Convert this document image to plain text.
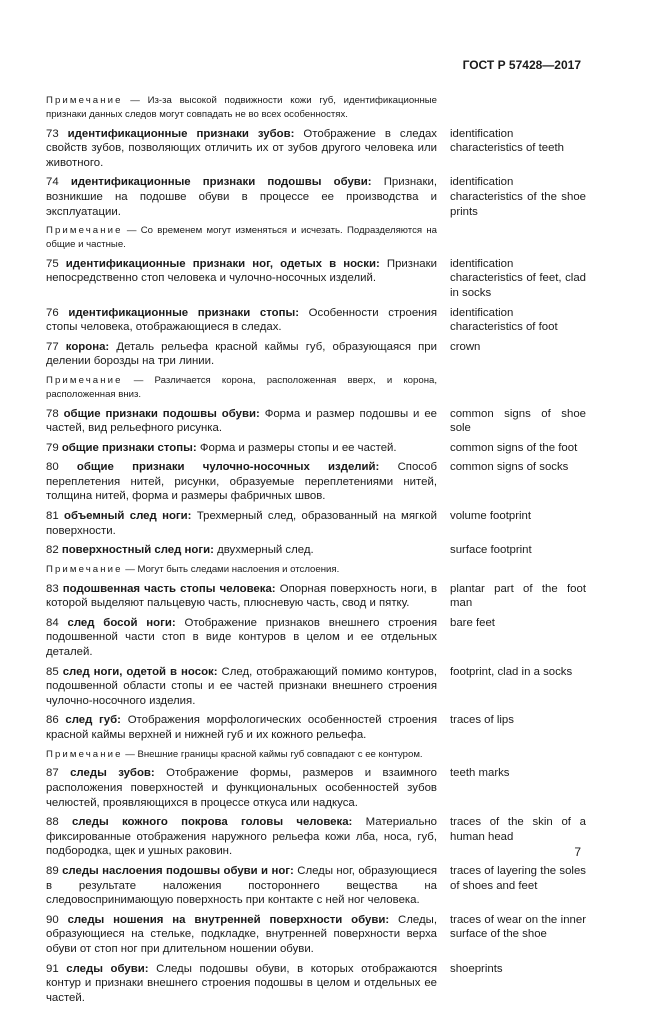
ГОСТ Р 57428—2017
Примечание — Из-за высокой подвижности кожи губ, идентификационные признаки данных следов могут совпадать не во всех особенностях.
73 идентификационные признаки зубов: Отображение в следах свойств зубов, позволяющих отличить их от зубов другого человека или животного.
identification characteristics of teeth
74 идентификационные признаки подошвы обуви: Признаки, возникшие на подошве обуви в процессе ее производства и эксплуатации.
identification characteristics of the shoe prints
Примечание — Со временем могут изменяться и исчезать. Подразделяются на общие и частные.
75 идентификационные признаки ног, одетых в носки: Признаки непосредственно стоп человека и чулочно-носочных изделий.
identification characteristics of feet, clad in socks
76 идентификационные признаки стопы: Особенности строения стопы человека, отображающиеся в следах.
identification characteristics of foot
77 корона: Деталь рельефа красной каймы губ, образующаяся при делении борозды на три линии.
crown
Примечание — Различается корона, расположенная вверх, и корона, расположенная вниз.
78 общие признаки подошвы обуви: Форма и размер подошвы и ее частей, вид рельефного рисунка.
common signs of shoe sole
79 общие признаки стопы: Форма и размеры стопы и ее частей.	common signs of the foot
80 общие признаки чулочно-носочных изделий: Способ переплетения нитей, рисунки, образуемые переплетениями нитей, толщина нитей, форма и размеры фабричных швов.
common signs of socks
81 объемный след ноги: Трехмерный след, образованный на мягкой поверхности.
volume footprint
82 поверхностный след ноги: двухмерный след.	surface footprint
Примечание — Могут быть следами наслоения и отслоения.
83 подошвенная часть стопы человека: Опорная поверхность ноги, в которой выделяют пальцевую часть, плюсневую часть, свод и пятку.
plantar part of the foot man
84 след босой ноги: Отображение признаков внешнего строения подошвенной части стоп в виде контуров в целом и ее отдельных деталей.
bare feet
85 след ноги, одетой в носок: След, отображающий помимо контуров, подошвенной области стопы и ее частей признаки внешнего строения чулочно-носочного изделия.
footprint, clad in a socks
86 след губ: Отображения морфологических особенностей строения красной каймы верхней и нижней губ и их кожного рельефа.
traces of lips
Примечание — Внешние границы красной каймы губ совпадают с ее контуром.
87 следы зубов: Отображение формы, размеров и взаимного расположения поверхностей и функциональных особенностей зубов челюстей, проявляющихся в процессе откуса или надкуса.
teeth marks
88 следы кожного покрова головы человека: Материально фиксированные отображения наружного рельефа кожи лба, носа, губ, подбородка, щек и ушных раковин.
traces of the skin of a human head
89 следы наслоения подошвы обуви и ног: Следы ног, образующиеся в результате наложения постороннего вещества на следовоспринимающую поверхность при контакте с ней ног человека.
traces of layering the soles of shoes and feet
90 следы ношения на внутренней поверхности обуви: Следы, образующиеся на стельке, подкладке, внутренней поверхности верха обуви от стоп ног при длительном ношении обуви.
traces of wear on the inner surface of the shoe
91 следы обуви: Следы подошвы обуви, в которых отображаются контур и признаки внешнего строения подошвы в целом и отдельных ее частей.
shoeprints
7
